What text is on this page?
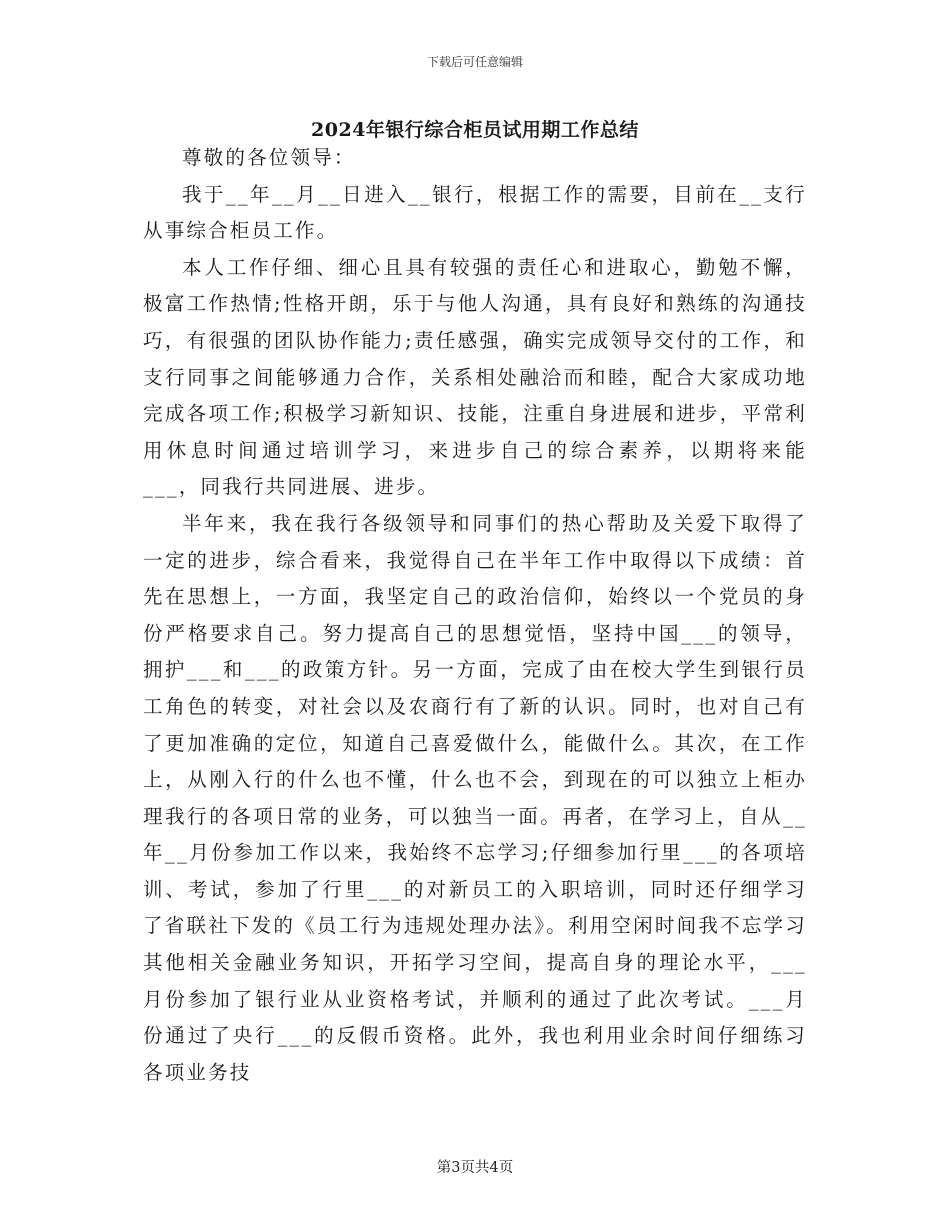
下载后可任意编辑
2024年银行综合柜员试用期工作总结

尊敬的各位领导：

我于__年__月__日进入__银行，根据工作的需要，目前在__支行从事综合柜员工作。

本人工作仔细、细心且具有较强的责任心和进取心，勤勉不懈，极富工作热情;性格开朗，乐于与他人沟通，具有良好和熟练的沟通技巧，有很强的团队协作能力;责任感强，确实完成领导交付的工作，和支行同事之间能够通力合作，关系相处融洽而和睦，配合大家成功地完成各项工作;积极学习新知识、技能，注重自身进展和进步，平常利用休息时间通过培训学习，来进步自己的综合素养，以期将来能___，同我行共同进展、进步。

半年来，我在我行各级领导和同事们的热心帮助及关爱下取得了一定的进步，综合看来，我觉得自己在半年工作中取得以下成绩：首先在思想上，一方面，我坚定自己的政治信仰，始终以一个党员的身份严格要求自己。努力提高自己的思想觉悟，坚持中国___的领导，拥护___和___的政策方针。另一方面，完成了由在校大学生到银行员工角色的转变，对社会以及农商行有了新的认识。同时，也对自己有了更加准确的定位，知道自己喜爱做什么，能做什么。其次，在工作上，从刚入行的什么也不懂，什么也不会，到现在的可以独立上柜办理我行的各项日常的业务，可以独当一面。再者，在学习上，自从__年__月份参加工作以来，我始终不忘学习;仔细参加行里___的各项培训、考试，参加了行里___的对新员工的入职培训，同时还仔细学习了省联社下发的《员工行为违规处理办法》。利用空闲时间我不忘学习其他相关金融业务知识，开拓学习空间，提高自身的理论水平，___月份参加了银行业从业资格考试，并顺利的通过了此次考试。___月份通过了央行___的反假币资格。此外，我也利用业余时间仔细练习各项业务技

第3页共4页
